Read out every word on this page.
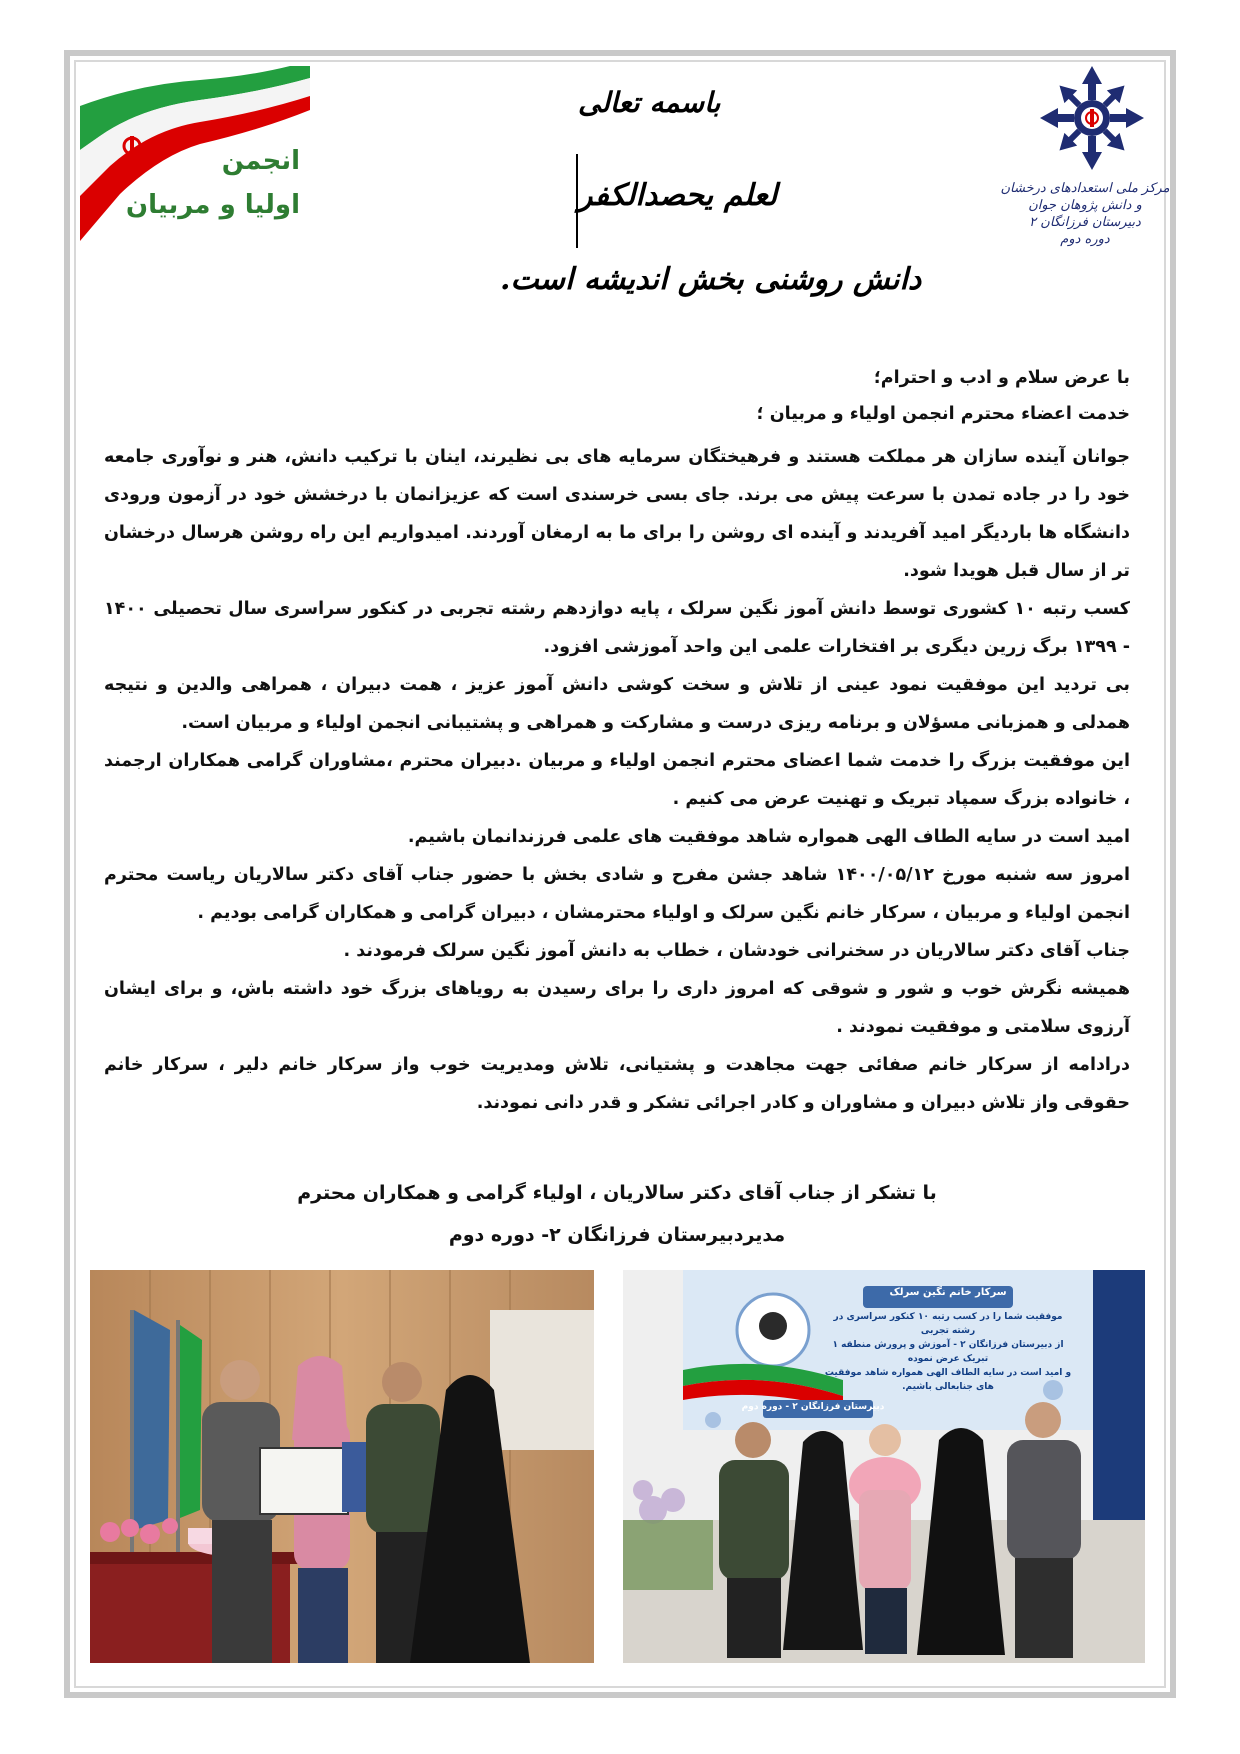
انجمن
اولیا و مربیان
باسمه تعالی
لعلم یحصدالکفر
دانش روشنی بخش اندیشه است.
مرکز ملی استعدادهای درخشان و دانش پژوهان جوان
دبیرستان فرزانگان ۲
دوره دوم

با عرض سلام و ادب و احترام؛

خدمت اعضاء محترم انجمن اولیاء و مربیان ؛

جوانان آینده سازان هر مملکت هستند و فرهیختگان سرمایه های بی نظیرند، اینان با ترکیب دانش، هنر و نوآوری جامعه خود را در جاده تمدن با سرعت پیش می برند. جای بسی خرسندی است که عزیزانمان با درخشش خود در آزمون ورودی دانشگاه ها باردیگر امید آفریدند و آینده ای روشن را برای ما به ارمغان آوردند. امیدواریم این راه روشن هرسال درخشان تر از سال قبل هویدا شود.

کسب رتبه ۱۰ کشوری توسط دانش آموز نگین سرلک ، پایه دوازدهم رشته تجربی در کنکور سراسری سال تحصیلی ۱۴۰۰ - ۱۳۹۹ برگ زرین دیگری بر افتخارات علمی این واحد آموزشی افزود.

بی تردید این موفقیت نمود عینی از تلاش و سخت کوشی دانش آموز عزیز ، همت دبیران ، همراهی والدین و نتیجه همدلی و همزبانی مسؤلان و برنامه ریزی درست و مشارکت و همراهی و پشتیبانی انجمن اولیاء و مربیان است.

این موفقیت بزرگ را خدمت شما اعضای محترم انجمن اولیاء و مربیان .دبیران محترم ،مشاوران گرامی همکاران ارجمند ، خانواده بزرگ سمپاد تبریک و تهنیت عرض می کنیم .

امید است در سایه الطاف الهی همواره شاهد موفقیت های علمی فرزندانمان باشیم.

امروز سه شنبه مورخ ۱۴۰۰/۰۵/۱۲ شاهد جشن مفرح و شادی بخش با حضور جناب آقای دکتر سالاریان ریاست محترم انجمن اولیاء و مربیان ، سرکار خانم نگین سرلک و اولیاء محترمشان ، دبیران گرامی و همکاران گرامی بودیم .

جناب آقای دکتر سالاریان در سخنرانی خودشان ، خطاب به دانش آموز نگین سرلک فرمودند .

همیشه نگرش خوب و شور و شوقی که امروز داری را برای رسیدن به رویاهای بزرگ خود داشته باش، و برای ایشان آرزوی سلامتی و موفقیت نمودند .

درادامه از سرکار خانم صفائی جهت مجاهدت و پشتیانی، تلاش ومدیریت خوب واز سرکار خانم دلیر ، سرکار خانم حقوقی واز تلاش دبیران و مشاوران و کادر اجرائی تشکر و قدر دانی نمودند.

با تشکر از جناب آقای دکتر سالاریان ، اولیاء گرامی و همکاران محترم
مدیردبیرستان فرزانگان ۲- دوره دوم
سرکار خانم نگین سرلک
موفقیت شما را در کسب رتبه ۱۰ کنکور سراسری در رشته تجربی
از دبیرستان فرزانگان ۲ - آموزش و پرورش منطقه ۱ تبریک عرض نموده
و امید است در سایه الطاف الهی همواره شاهد موفقیت های جنابعالی باشیم.
دبیرستان فرزانگان ۲ - دوره دوم
